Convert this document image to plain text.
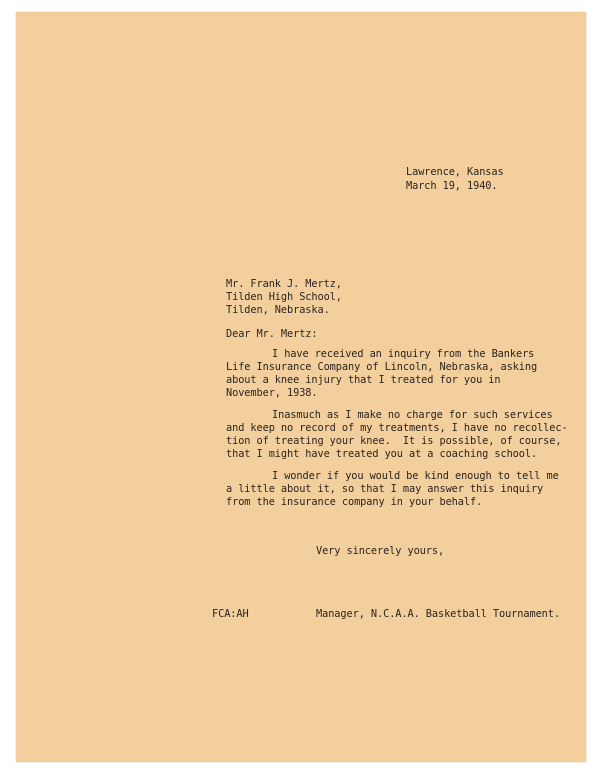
Lawrence, Kansas
March 19, 1940.
Mr. Frank J. Mertz,
Tilden High School,
Tilden, Nebraska.
Dear Mr. Mertz:
I have received an inquiry from the Bankers
Life Insurance Company of Lincoln, Nebraska, asking
about a knee injury that I treated for you in
November, 1938.
Inasmuch as I make no charge for such services
and keep no record of my treatments, I have no recollec-
tion of treating your knee.  It is possible, of course,
that I might have treated you at a coaching school.
I wonder if you would be kind enough to tell me
a little about it, so that I may answer this inquiry
from the insurance company in your behalf.
Very sincerely yours,
FCA:AH	Manager, N.C.A.A. Basketball Tournament.
